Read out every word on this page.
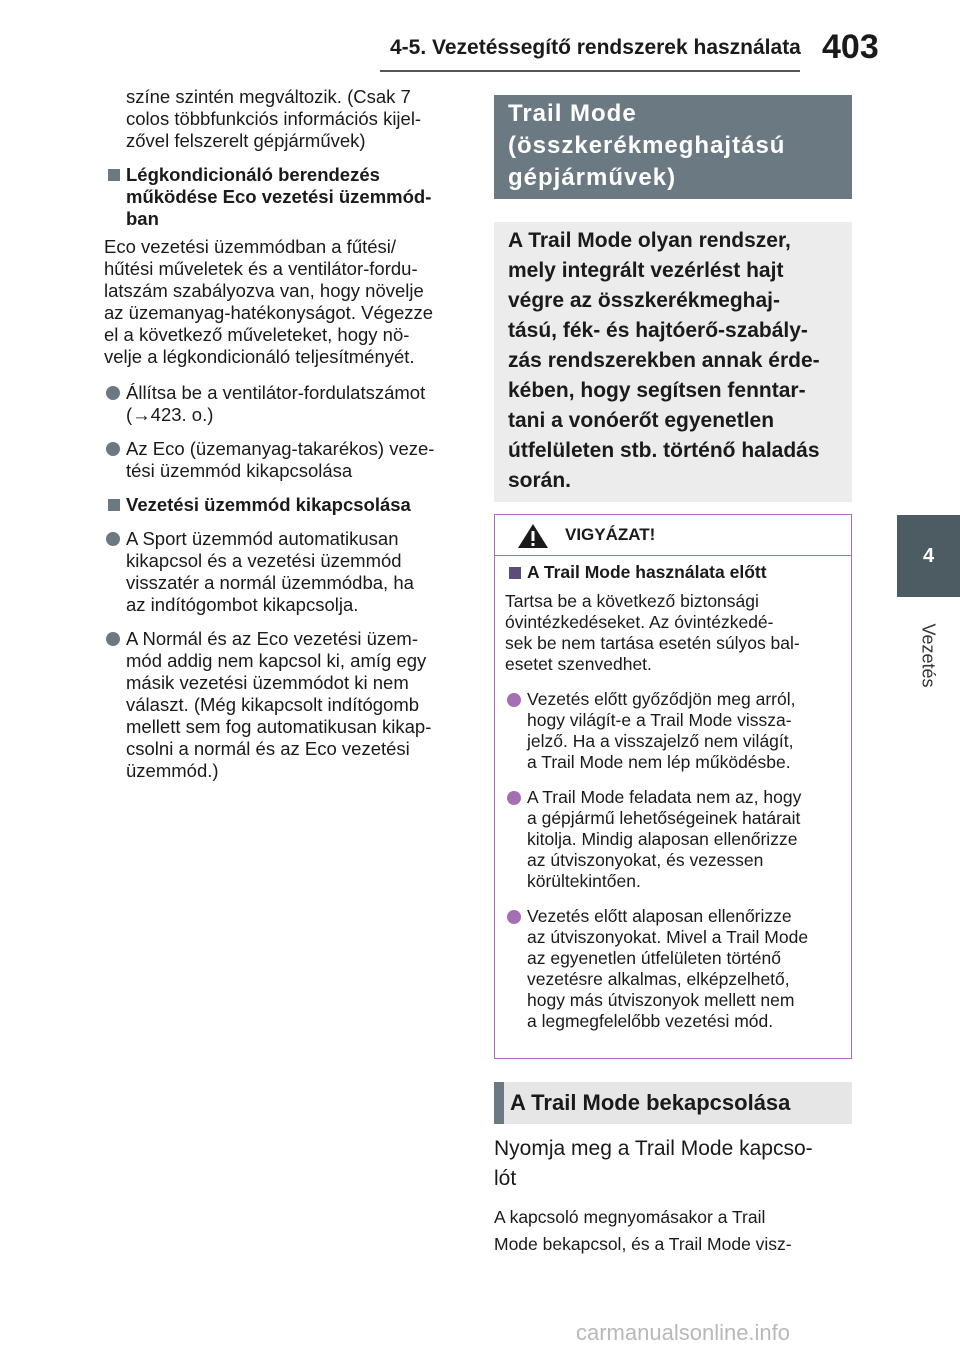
4-5. Vezetéssegítő rendszerek használata 403
4
Vezetés
színe szintén megváltozik. (Csak 7
colos többfunkciós információs kijel-
zővel felszerelt gépjárművek)
Légkondicionáló berendezés
működése Eco vezetési üzemmód-
ban
Eco vezetési üzemmódban a fűtési/
hűtési műveletek és a ventilátor-fordu-
latszám szabályozva van, hogy növelje
az üzemanyag-hatékonyságot. Végezze
el a következő műveleteket, hogy nö-
velje a légkondicionáló teljesítményét.
Állítsa be a ventilátor-fordulatszámot
(→423. o.)
Az Eco (üzemanyag-takarékos) veze-
tési üzemmód kikapcsolása
Vezetési üzemmód kikapcsolása
A Sport üzemmód automatikusan
kikapcsol és a vezetési üzemmód
visszatér a normál üzemmódba, ha
az indítógombot kikapcsolja.
A Normál és az Eco vezetési üzem-
mód addig nem kapcsol ki, amíg egy
másik vezetési üzemmódot ki nem
választ. (Még kikapcsolt indítógomb
mellett sem fog automatikusan kikap-
csolni a normál és az Eco vezetési
üzemmód.)
Trail Mode
(összkerékmeghajtású
gépjárművek)
A Trail Mode olyan rendszer,
mely integrált vezérlést hajt
végre az összkerékmeghaj-
tású, fék- és hajtóerő-szabály-
zás rendszerekben annak érde-
kében, hogy segítsen fenntar-
tani a vonóerőt egyenetlen
útfelületen stb. történő haladás
során.
VIGYÁZAT!
A Trail Mode használata előtt
Tartsa be a következő biztonsági
óvintézkedéseket. Az óvintézkedé-
sek be nem tartása esetén súlyos bal-
esetet szenvedhet.
Vezetés előtt győződjön meg arról,
hogy világít-e a Trail Mode vissza-
jelző. Ha a visszajelző nem világít,
a Trail Mode nem lép működésbe.
A Trail Mode feladata nem az, hogy
a gépjármű lehetőségeinek határait
kitolja. Mindig alaposan ellenőrizze
az útviszonyokat, és vezessen
körültekintően.
Vezetés előtt alaposan ellenőrizze
az útviszonyokat. Mivel a Trail Mode
az egyenetlen útfelületen történő
vezetésre alkalmas, elképzelhető,
hogy más útviszonyok mellett nem
a legmegfelelőbb vezetési mód.
A Trail Mode bekapcsolása
Nyomja meg a Trail Mode kapcso-
lót
A kapcsoló megnyomásakor a Trail
Mode bekapcsol, és a Trail Mode visz-
carmanualsonline.info
